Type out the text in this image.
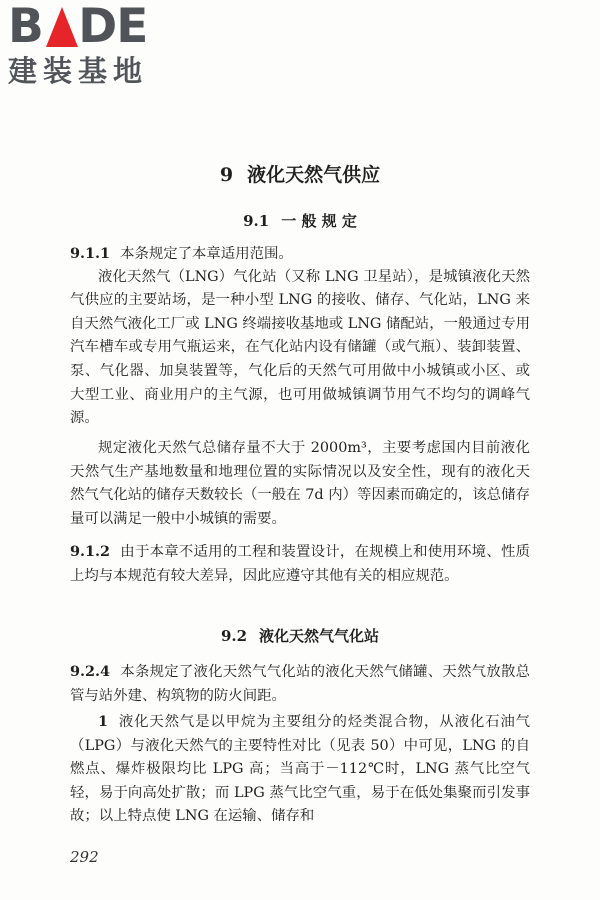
B DE
建装基地
9 液化天然气供应
9.1 一 般 规 定
9.1.1 本条规定了本章适用范围。
液化天然气（LNG）气化站（又称 LNG 卫星站），是城镇液化天然气供应的主要站场，是一种小型 LNG 的接收、储存、气化站，LNG 来自天然气液化工厂或 LNG 终端接收基地或 LNG 储配站，一般通过专用汽车槽车或专用气瓶运来，在气化站内设有储罐（或气瓶）、装卸装置、泵、气化器、加臭装置等，气化后的天然气可用做中小城镇或小区、或大型工业、商业用户的主气源，也可用做城镇调节用气不均匀的调峰气源。
规定液化天然气总储存量不大于 2000m³，主要考虑国内目前液化天然气生产基地数量和地理位置的实际情况以及安全性，现有的液化天然气气化站的储存天数较长（一般在 7d 内）等因素而确定的，该总储存量可以满足一般中小城镇的需要。
9.1.2 由于本章不适用的工程和装置设计，在规模上和使用环境、性质上均与本规范有较大差异，因此应遵守其他有关的相应规范。
9.2 液化天然气气化站
9.2.4 本条规定了液化天然气气化站的液化天然气储罐、天然气放散总管与站外建、构筑物的防火间距。
1 液化天然气是以甲烷为主要组分的烃类混合物，从液化石油气（LPG）与液化天然气的主要特性对比（见表 50）中可见，LNG 的自燃点、爆炸极限均比 LPG 高；当高于－112℃时，LNG 蒸气比空气轻，易于向高处扩散；而 LPG 蒸气比空气重，易于在低处集聚而引发事故；以上特点使 LNG 在运输、储存和
292
